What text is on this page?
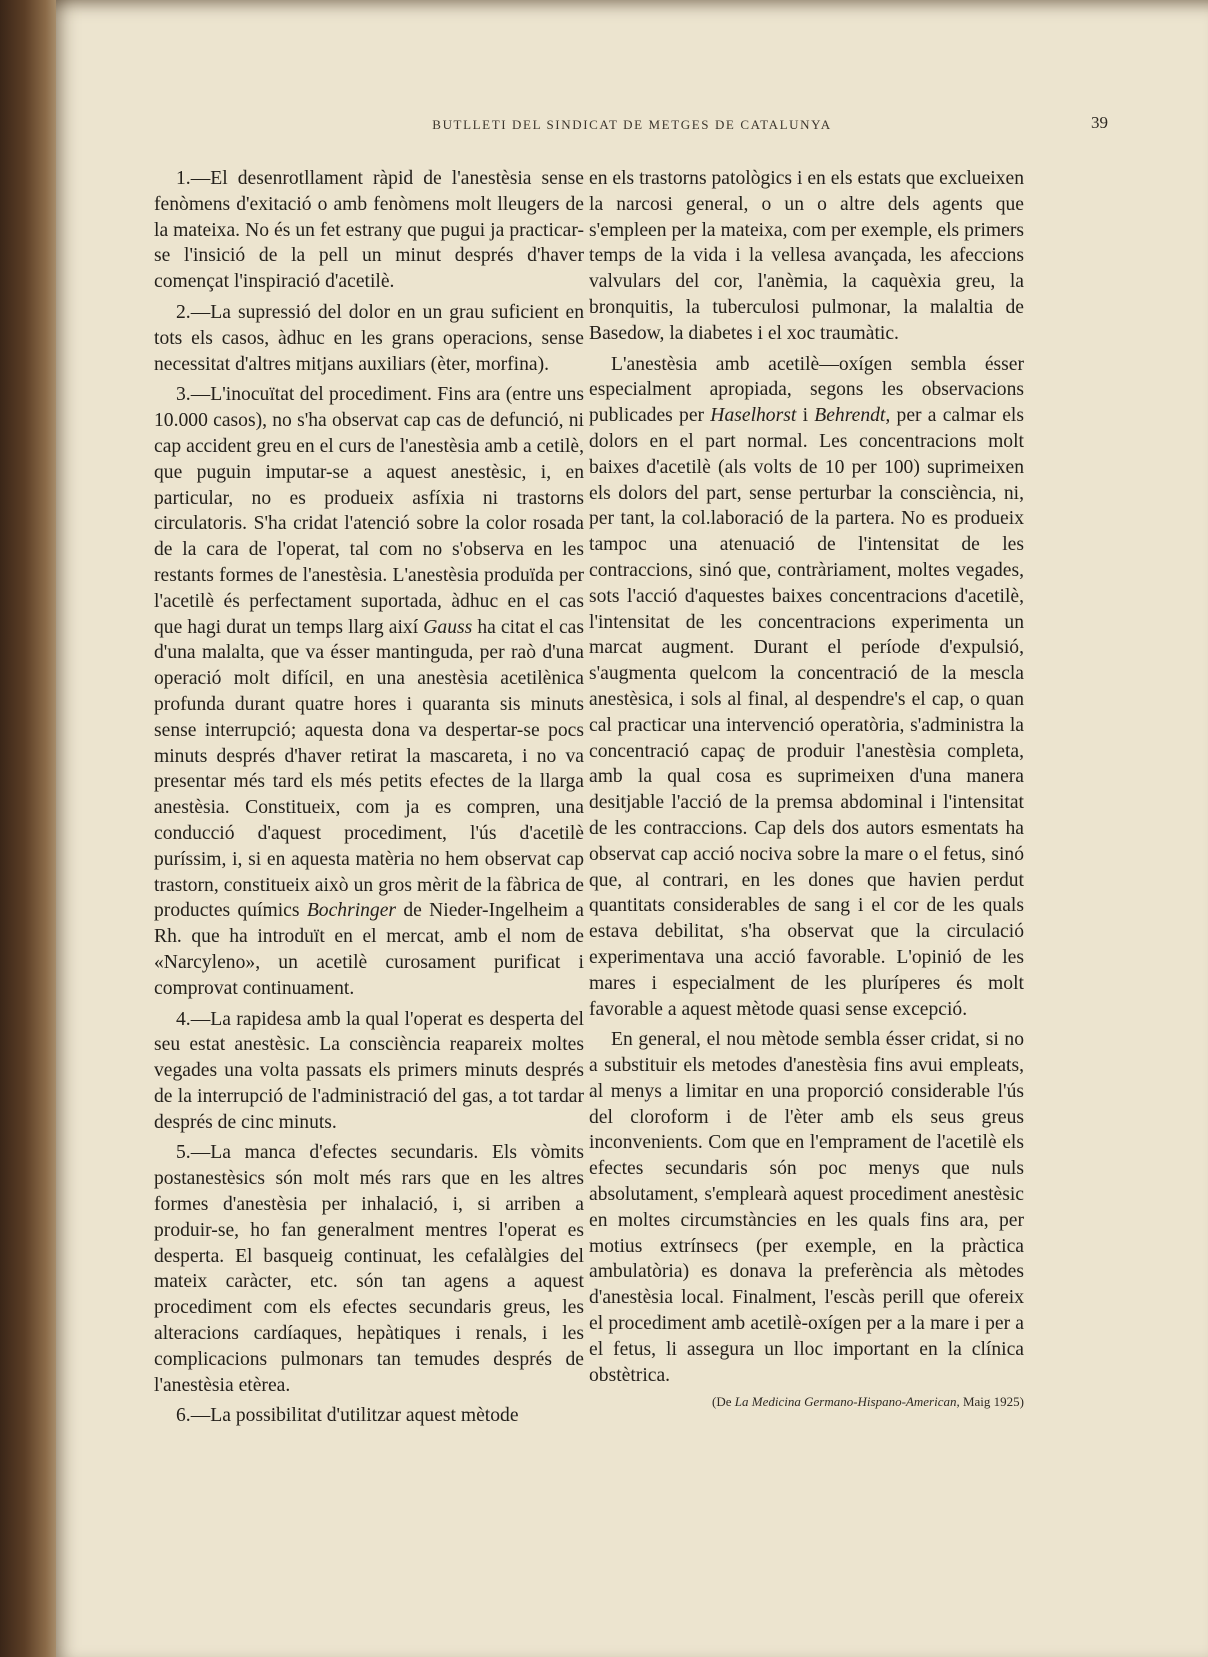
BUTLLETI DEL SINDICAT DE METGES DE CATALUNYA	39

1.—El desenrotllament ràpid de l'anestèsia sense fenòmens d'exitació o amb fenòmens molt lleugers de la mateixa. No és un fet estrany que pugui ja practicar-se l'insició de la pell un minut després d'haver començat l'inspiració d'acetilè.

2.—La supressió del dolor en un grau suficient en tots els casos, àdhuc en les grans operacions, sense necessitat d'altres mitjans auxiliars (èter, morfina).

3.—L'inocuïtat del procediment. Fins ara (entre uns 10.000 casos), no s'ha observat cap cas de defunció, ni cap accident greu en el curs de l'anestèsia amb a cetilè, que puguin imputar-se a aquest anestèsic, i, en particular, no es produeix asfíxia ni trastorns circulatoris. S'ha cridat l'atenció sobre la color rosada de la cara de l'operat, tal com no s'observa en les restants formes de l'anestèsia. L'anestèsia produïda per l'acetilè és perfectament suportada, àdhuc en el cas que hagi durat un temps llarg així Gauss ha citat el cas d'una malalta, que va ésser mantinguda, per raò d'una operació molt difícil, en una anestèsia acetilènica profunda durant quatre hores i quaranta sis minuts sense interrupció; aquesta dona va despertar-se pocs minuts després d'haver retirat la mascareta, i no va presentar més tard els més petits efectes de la llarga anestèsia. Constitueix, com ja es compren, una conducció d'aquest procediment, l'ús d'acetilè puríssim, i, si en aquesta matèria no hem observat cap trastorn, constitueix això un gros mèrit de la fàbrica de productes químics Bochringer de Nieder-Ingelheim a Rh. que ha introduït en el mercat, amb el nom de «Narcyleno», un acetilè curosament purificat i comprovat continuament.

4.—La rapidesa amb la qual l'operat es desperta del seu estat anestèsic. La consciència reapareix moltes vegades una volta passats els primers minuts després de la interrupció de l'administració del gas, a tot tardar després de cinc minuts.

5.—La manca d'efectes secundaris. Els vòmits postanestèsics són molt més rars que en les altres formes d'anestèsia per inhalació, i, si arriben a produir-se, ho fan generalment mentres l'operat es desperta. El basqueig continuat, les cefalàlgies del mateix caràcter, etc. són tan agens a aquest procediment com els efectes secundaris greus, les alteracions cardíaques, hepàtiques i renals, i les complicacions pulmonars tan temudes després de l'anestèsia etèrea.

6.—La possibilitat d'utilitzar aquest mètode

en els trastorns patològics i en els estats que exclueixen la narcosi general, o un o altre dels agents que s'empleen per la mateixa, com per exemple, els primers temps de la vida i la vellesa avançada, les afeccions valvulars del cor, l'anèmia, la caquèxia greu, la bronquitis, la tuberculosi pulmonar, la malaltia de Basedow, la diabetes i el xoc traumàtic.

L'anestèsia amb acetilè—oxígen sembla ésser especialment apropiada, segons les observacions publicades per Haselhorst i Behrendt, per a calmar els dolors en el part normal. Les concentracions molt baixes d'acetilè (als volts de 10 per 100) suprimeixen els dolors del part, sense perturbar la consciència, ni, per tant, la col.laboració de la partera. No es produeix tampoc una atenuació de l'intensitat de les contraccions, sinó que, contràriament, moltes vegades, sots l'acció d'aquestes baixes concentracions d'acetilè, l'intensitat de les concentracions experimenta un marcat augment. Durant el període d'expulsió, s'augmenta quelcom la concentració de la mescla anestèsica, i sols al final, al despendre's el cap, o quan cal practicar una intervenció operatòria, s'administra la concentració capaç de produir l'anestèsia completa, amb la qual cosa es suprimeixen d'una manera desitjable l'acció de la premsa abdominal i l'intensitat de les contraccions. Cap dels dos autors esmentats ha observat cap acció nociva sobre la mare o el fetus, sinó que, al contrari, en les dones que havien perdut quantitats considerables de sang i el cor de les quals estava debilitat, s'ha observat que la circulació experimentava una acció favorable. L'opinió de les mares i especialment de les pluríperes és molt favorable a aquest mètode quasi sense excepció.

En general, el nou mètode sembla ésser cridat, si no a substituir els metodes d'anestèsia fins avui empleats, al menys a limitar en una proporció considerable l'ús del cloroform i de l'èter amb els seus greus inconvenients. Com que en l'emprament de l'acetilè els efectes secundaris són poc menys que nuls absolutament, s'emplearà aquest procediment anestèsic en moltes circumstàncies en les quals fins ara, per motius extrínsecs (per exemple, en la pràctica ambulatòria) es donava la preferència als mètodes d'anestèsia local. Finalment, l'escàs perill que ofereix el procediment amb acetilè-oxígen per a la mare i per a el fetus, li assegura un lloc important en la clínica obstètrica.

(De La Medicina Germano-Hispano-American, Maig 1925)
